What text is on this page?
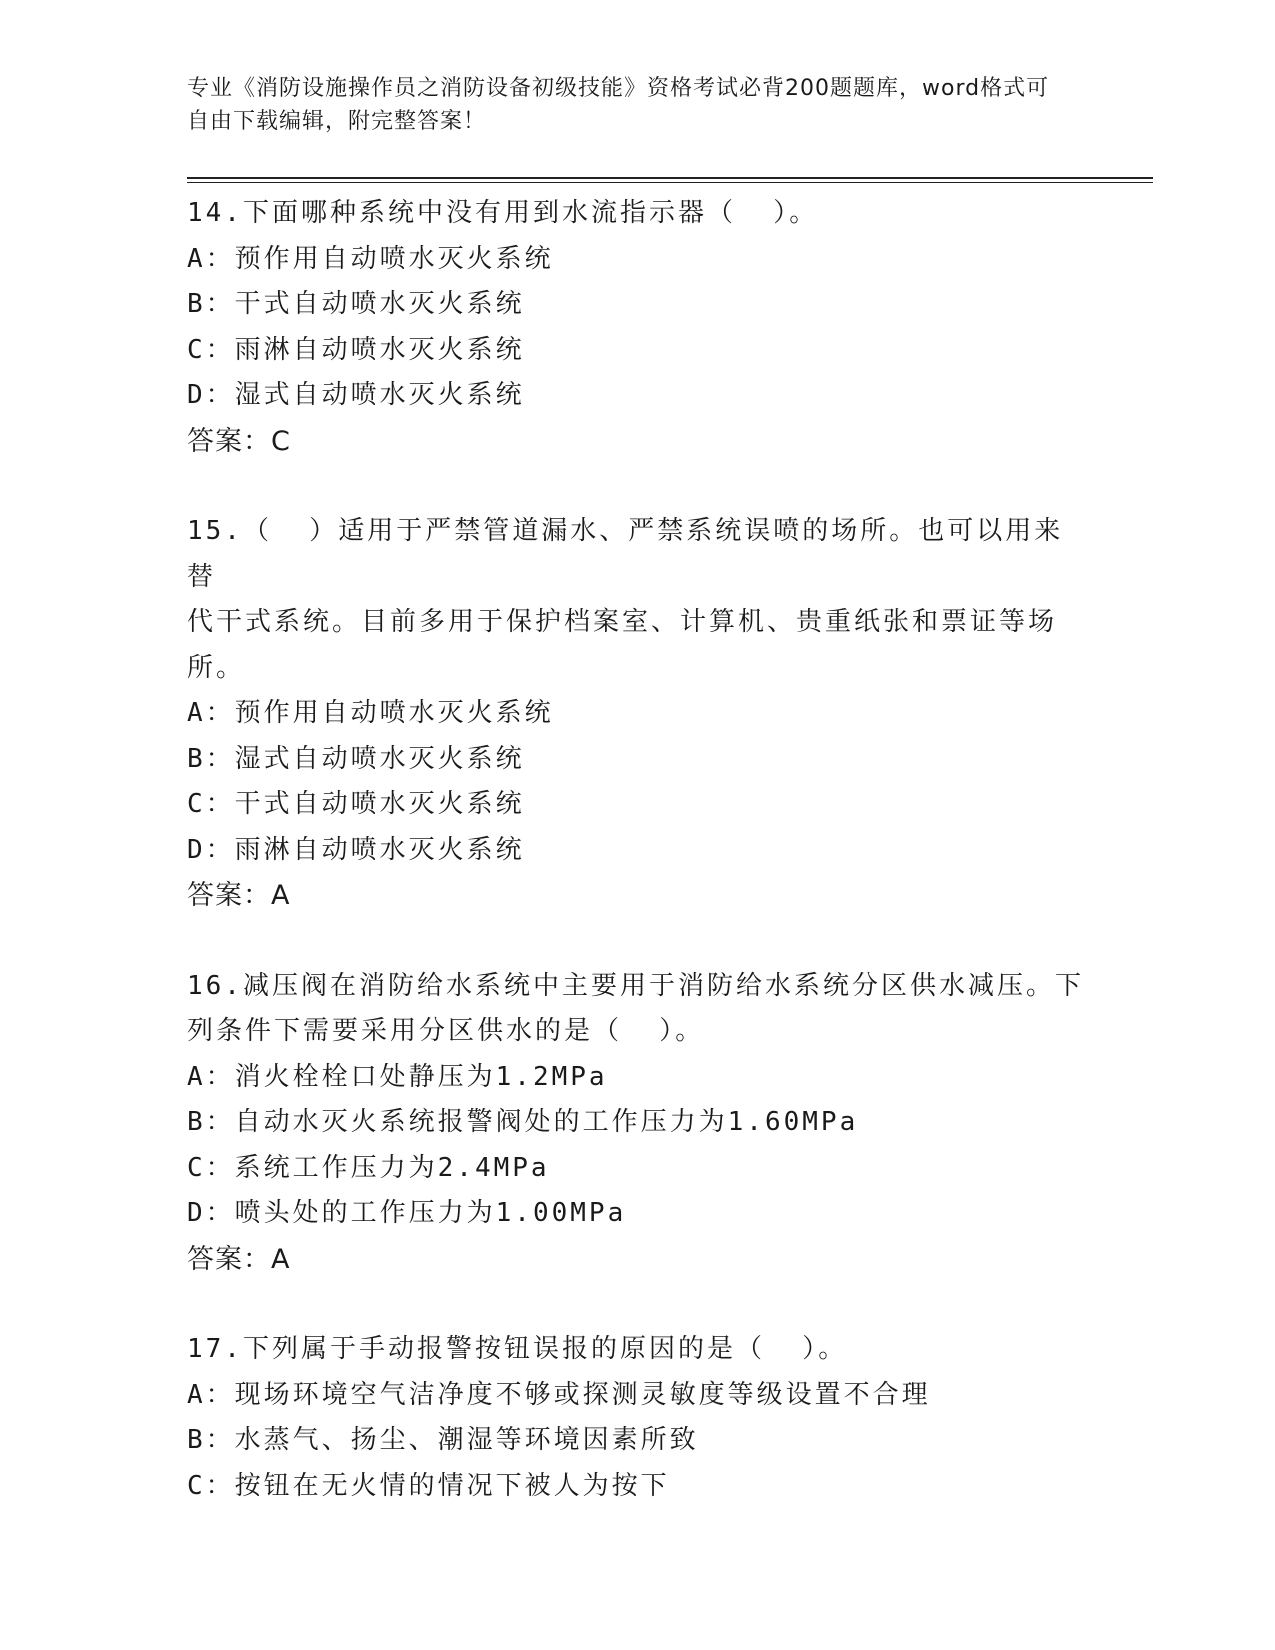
专业《消防设施操作员之消防设备初级技能》资格考试必背200题题库，word格式可自由下载编辑，附完整答案！
14.下面哪种系统中没有用到水流指示器（  ）。
A：预作用自动喷水灭火系统
B：干式自动喷水灭火系统
C：雨淋自动喷水灭火系统
D：湿式自动喷水灭火系统
答案：C
15.（  ）适用于严禁管道漏水、严禁系统误喷的场所。也可以用来替
代干式系统。目前多用于保护档案室、计算机、贵重纸张和票证等场
所。
A：预作用自动喷水灭火系统
B：湿式自动喷水灭火系统
C：干式自动喷水灭火系统
D：雨淋自动喷水灭火系统
答案：A
16.减压阀在消防给水系统中主要用于消防给水系统分区供水减压。下
列条件下需要采用分区供水的是（  ）。
A：消火栓栓口处静压为1.2MPa
B：自动水灭火系统报警阀处的工作压力为1.60MPa
C：系统工作压力为2.4MPa
D：喷头处的工作压力为1.00MPa
答案：A
17.下列属于手动报警按钮误报的原因的是（  ）。
A：现场环境空气洁净度不够或探测灵敏度等级设置不合理
B：水蒸气、扬尘、潮湿等环境因素所致
C：按钮在无火情的情况下被人为按下
